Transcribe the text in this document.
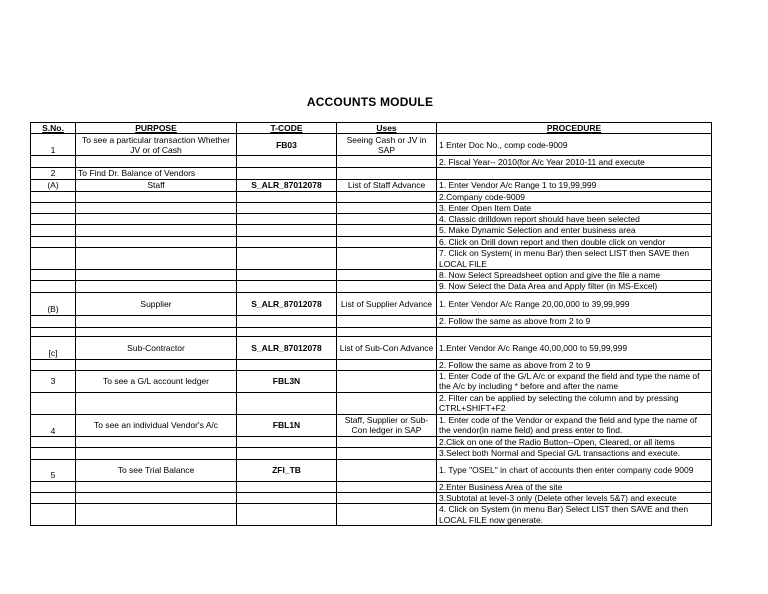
ACCOUNTS MODULE
S.No.	PURPOSE	T-CODE	Uses	PROCEDURE
1	To see a particular transaction Whether JV or of Cash	FB03	Seeing Cash or JV in SAP	1 Enter Doc No., comp code-9009
				2. Fiscal Year-- 2010(for A/c Year 2010-11 and execute
2	To Find Dr. Balance of Vendors			
(A)	Staff	S_ALR_87012078	List of Staff Advance	1. Enter Vendor A/c Range 1 to 19,99,999
				2.Company code-9009
				3. Enter Open Item Date
				4. Classic drilldown report should have been selected
				5. Make Dynamic Selection and enter business area
				6. Click on Drill down report and then double click on vendor
				7. Click on System( in menu Bar) then select LIST then SAVE then LOCAL FILE
				8. Now Select Spreadsheet option and give the file a name
				9. Now Select the Data Area and Apply filter (in MS-Excel)
(B)	Supplier	S_ALR_87012078	List of Supplier Advance	1. Enter Vendor A/c Range 20,00,000 to 39,99,999
				2. Follow the same as above from 2 to 9

[c]	Sub-Contractor	S_ALR_87012078	List of Sub-Con Advance	1.Enter Vendor A/c Range 40,00,000 to 59,99,999
				2. Follow the same as above from 2 to 9
3	To see a G/L account ledger	FBL3N		1. Enter Code of the G/L A/c or expand the field and type the name of the A/c by including * before and after the name
				2. Filter can be applied by selecting the column and by pressing CTRL+SHIFT+F2
4	To see an individual Vendor's A/c	FBL1N	Staff, Supplier or Sub-Con ledger in SAP	1. Enter code of the Vendor or expand the field and type the name of the vendor(in name field) and press enter to find.
				2.Click on one of the Radio Button--Open, Cleared, or all items
				3.Select both Normal and Special G/L transactions and execute.
5	To see Trial Balance	ZFI_TB		1. Type "OSEL" in chart of accounts then enter company code 9009
				2.Enter Business Area of the site
				3.Subtotal at level-3 only (Delete other levels 5&7) and execute
				4. Click on System (in menu Bar) Select LIST then SAVE and then LOCAL FILE now generate.
